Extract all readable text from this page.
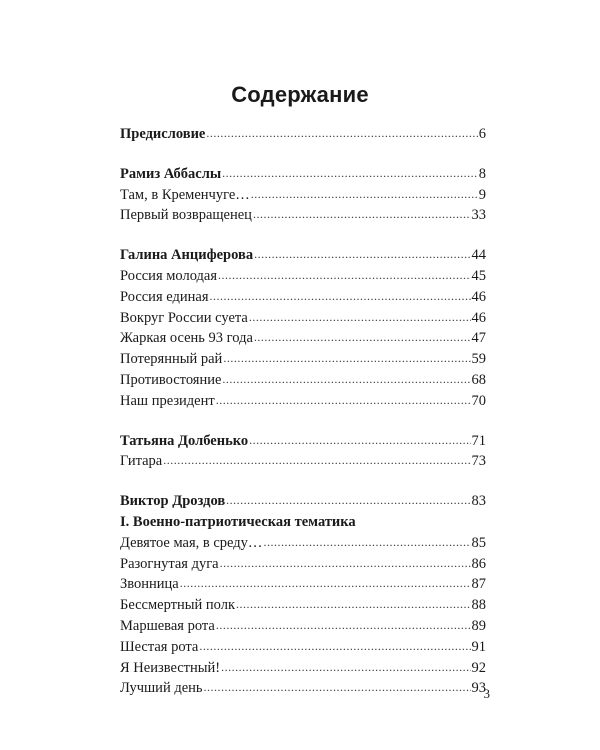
Содержание
Предисловие .....	6
Рамиз Аббаслы .....	8
Там, в Кременчуге… .....	9
Первый возвращенец .....	33
Галина Анциферова .....	44
Россия молодая .....	45
Россия единая .....	46
Вокруг России суета .....	46
Жаркая осень 93 года .....	47
Потерянный рай .....	59
Противостояние .....	68
Наш президент .....	70
Татьяна Долбенько .....	71
Гитара .....	73
Виктор Дроздов .....	83
I. Военно-патриотическая тематика
Девятое мая, в среду… .....	85
Разогнутая дуга .....	86
Звонница .....	87
Бессмертный полк .....	88
Маршевая рота .....	89
Шестая рота .....	91
Я Неизвестный! .....	92
Лучший день .....	93
3
